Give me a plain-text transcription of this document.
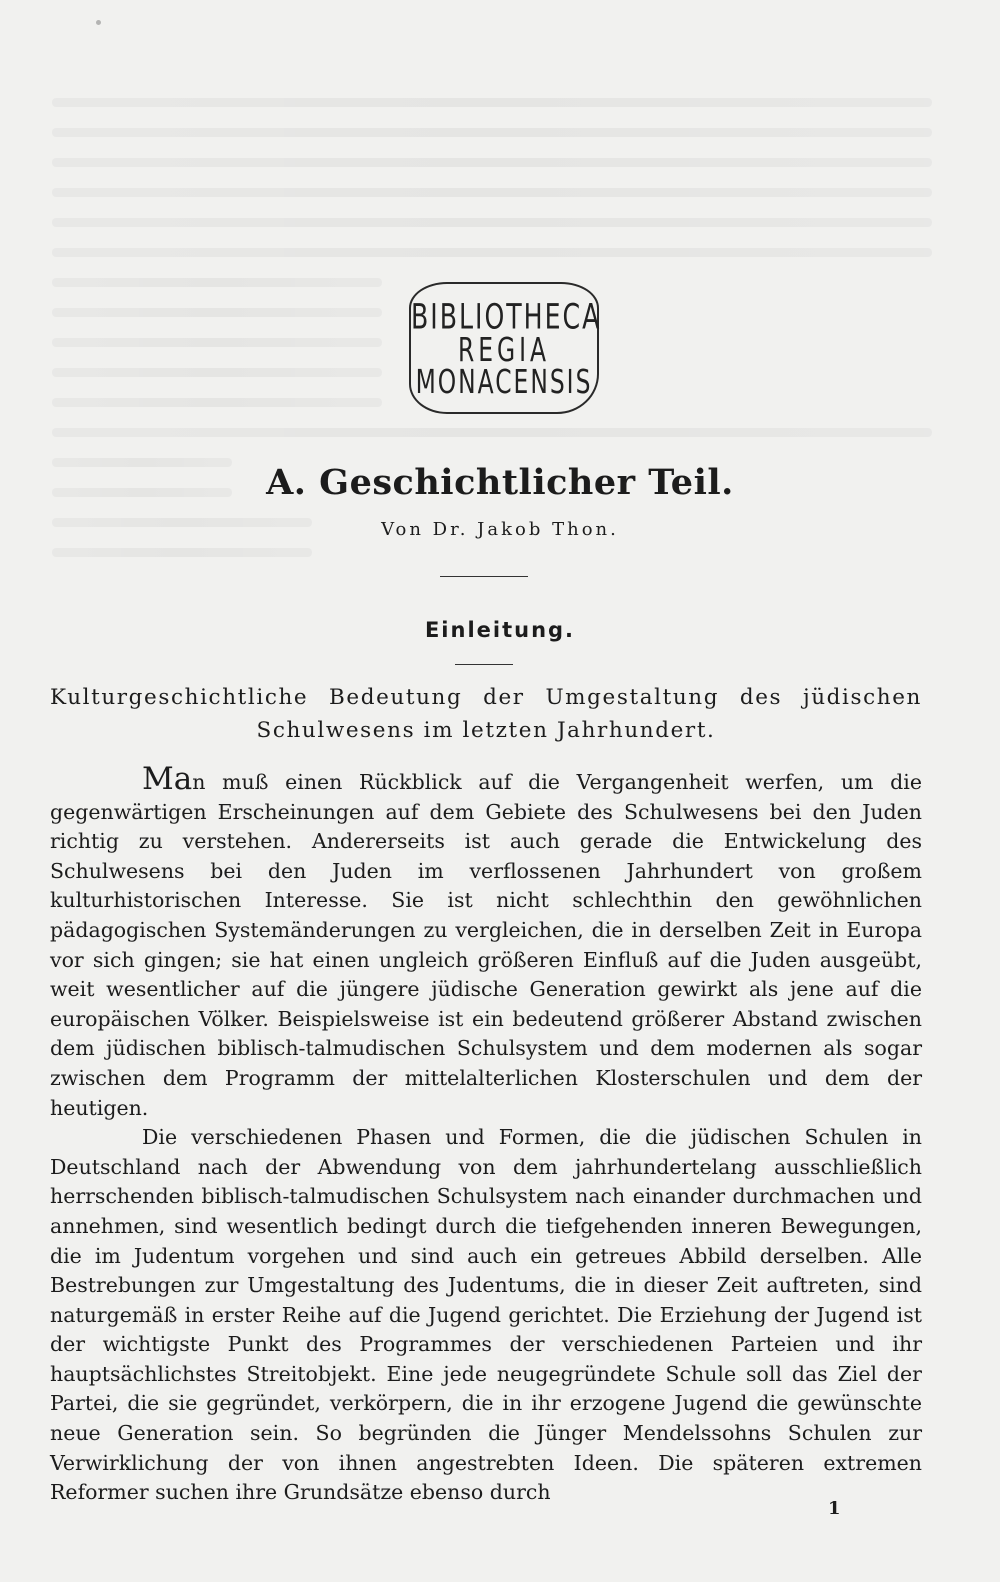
BIBLIOTHECA
REGIA
MONACENSIS
A. Geschichtlicher Teil.
Von Dr. Jakob Thon.
Einleitung.
Kulturgeschichtliche Bedeutung der Umgestaltung des jüdischen
Schulwesens im letzten Jahrhundert.

Man muß einen Rückblick auf die Vergangenheit werfen, um die gegenwärtigen Erscheinungen auf dem Gebiete des Schulwesens bei den Juden richtig zu verstehen. Andererseits ist auch gerade die Entwickelung des Schulwesens bei den Juden im verflossenen Jahrhundert von großem kulturhistorischen Interesse. Sie ist nicht schlechthin den gewöhnlichen pädagogischen Systemänderungen zu vergleichen, die in derselben Zeit in Europa vor sich gingen; sie hat einen ungleich größeren Einfluß auf die Juden ausgeübt, weit wesentlicher auf die jüngere jüdische Generation gewirkt als jene auf die europäischen Völker. Beispielsweise ist ein bedeutend größerer Abstand zwischen dem jüdischen biblisch-talmudischen Schulsystem und dem modernen als sogar zwischen dem Programm der mittelalterlichen Klosterschulen und dem der heutigen.

Die verschiedenen Phasen und Formen, die die jüdischen Schulen in Deutschland nach der Abwendung von dem jahrhundertelang ausschließlich herrschenden biblisch-talmudischen Schulsystem nach einander durchmachen und annehmen, sind wesentlich bedingt durch die tiefgehenden inneren Bewegungen, die im Judentum vorgehen und sind auch ein getreues Abbild derselben. Alle Bestrebungen zur Umgestaltung des Judentums, die in dieser Zeit auftreten, sind naturgemäß in erster Reihe auf die Jugend gerichtet. Die Erziehung der Jugend ist der wichtigste Punkt des Programmes der verschiedenen Parteien und ihr hauptsächlichstes Streitobjekt. Eine jede neugegründete Schule soll das Ziel der Partei, die sie gegründet, verkörpern, die in ihr erzogene Jugend die gewünschte neue Generation sein. So begründen die Jünger Mendelssohns Schulen zur Verwirklichung der von ihnen angestrebten Ideen. Die späteren extremen Reformer suchen ihre Grundsätze ebenso durch

1
